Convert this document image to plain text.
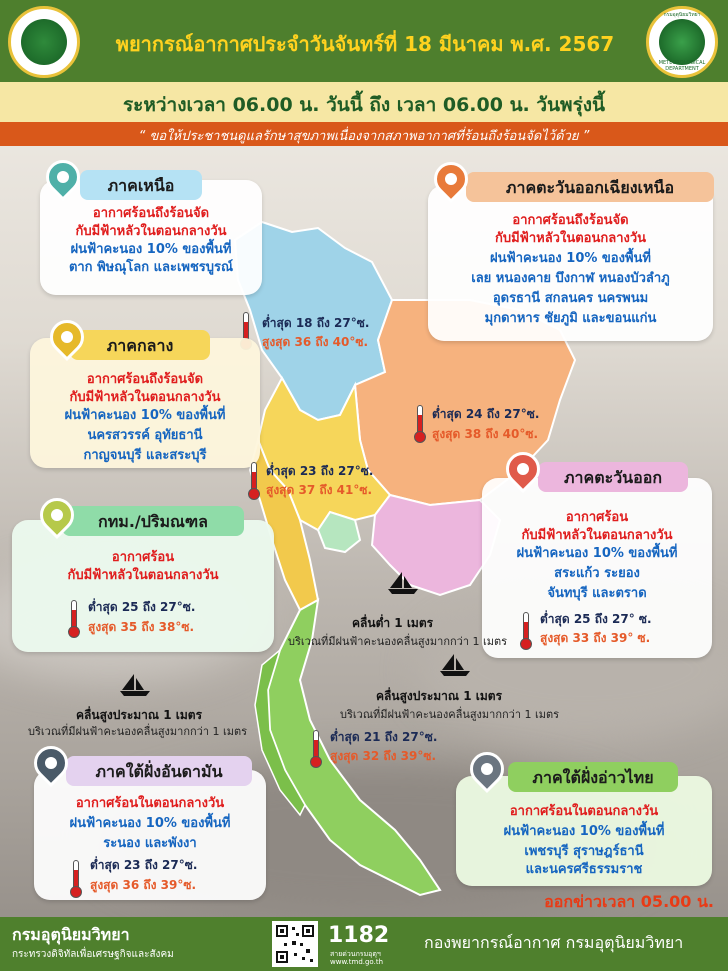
พยากรณ์อากาศประจำวันจันทร์ที่ 18 มีนาคม พ.ศ. 2567
กรมอุตุนิยมวิทยา
METEOROLOGICAL DEPARTMENT
ระหว่างเวลา 06.00 น. วันนี้ ถึง เวลา 06.00 น. วันพรุ่งนี้
“ ขอให้ประชาชนดูแลรักษาสุขภาพเนื่องจากสภาพอากาศที่ร้อนถึงร้อนจัดไว้ด้วย ”
อากาศร้อนถึงร้อนจัด
กับมีฟ้าหลัวในตอนกลางวัน
ฝนฟ้าคะนอง 10% ของพื้นที่
ตาก พิษณุโลก และเพชรบูรณ์
ภาคเหนือ
ต่ำสุด 18 ถึง 27°ซ.
สูงสุด 36 ถึง 40°ซ.
อากาศร้อนถึงร้อนจัด
กับมีฟ้าหลัวในตอนกลางวัน
ฝนฟ้าคะนอง 10% ของพื้นที่
เลย หนองคาย บึงกาฬ หนองบัวลำภู
อุดรธานี สกลนคร นครพนม
มุกดาหาร ชัยภูมิ และขอนแก่น
ภาคตะวันออกเฉียงเหนือ
ต่ำสุด 24 ถึง 27°ซ.
สูงสุด 38 ถึง 40°ซ.
อากาศร้อนถึงร้อนจัด
กับมีฟ้าหลัวในตอนกลางวัน
ฝนฟ้าคะนอง 10% ของพื้นที่
นครสวรรค์ อุทัยธานี
กาญจนบุรี และสระบุรี
ภาคกลาง
ต่ำสุด 23 ถึง 27°ซ.
สูงสุด 37 ถึง 41°ซ.
อากาศร้อน
กับมีฟ้าหลัวในตอนกลางวัน
กทม./ปริมณฑล
ต่ำสุด 25 ถึง 27°ซ.
สูงสุด 35 ถึง 38°ซ.
อากาศร้อน
กับมีฟ้าหลัวในตอนกลางวัน
ฝนฟ้าคะนอง 10% ของพื้นที่
สระแก้ว ระยอง
จันทบุรี และตราด
ภาคตะวันออก
ต่ำสุด 25 ถึง 27° ซ.
สูงสุด 33 ถึง 39° ซ.
อากาศร้อนในตอนกลางวัน
ฝนฟ้าคะนอง 10% ของพื้นที่
ระนอง และพังงา
ภาคใต้ฝั่งอันดามัน
ต่ำสุด 23 ถึง 27°ซ.
สูงสุด 36 ถึง 39°ซ.
อากาศร้อนในตอนกลางวัน
ฝนฟ้าคะนอง 10% ของพื้นที่
เพชรบุรี สุราษฎร์ธานี
และนครศรีธรรมราช
ภาคใต้ฝั่งอ่าวไทย
ต่ำสุด 21 ถึง 27°ซ.
สูงสุด 32 ถึง 39°ซ.
คลื่นต่ำ 1 เมตร
บริเวณที่มีฝนฟ้าคะนองคลื่นสูงมากกว่า 1 เมตร
คลื่นสูงประมาณ 1 เมตร
บริเวณที่มีฝนฟ้าคะนองคลื่นสูงมากกว่า 1 เมตร
คลื่นสูงประมาณ 1 เมตร
บริเวณที่มีฝนฟ้าคะนองคลื่นสูงมากกว่า 1 เมตร
ออกข่าวเวลา 05.00 น.
กรมอุตุนิยมวิทยา
กระทรวงดิจิทัลเพื่อเศรษฐกิจและสังคม
1182
สายด่วนกรมอุตุฯ
www.tmd.go.th
กองพยากรณ์อากาศ กรมอุตุนิยมวิทยา
